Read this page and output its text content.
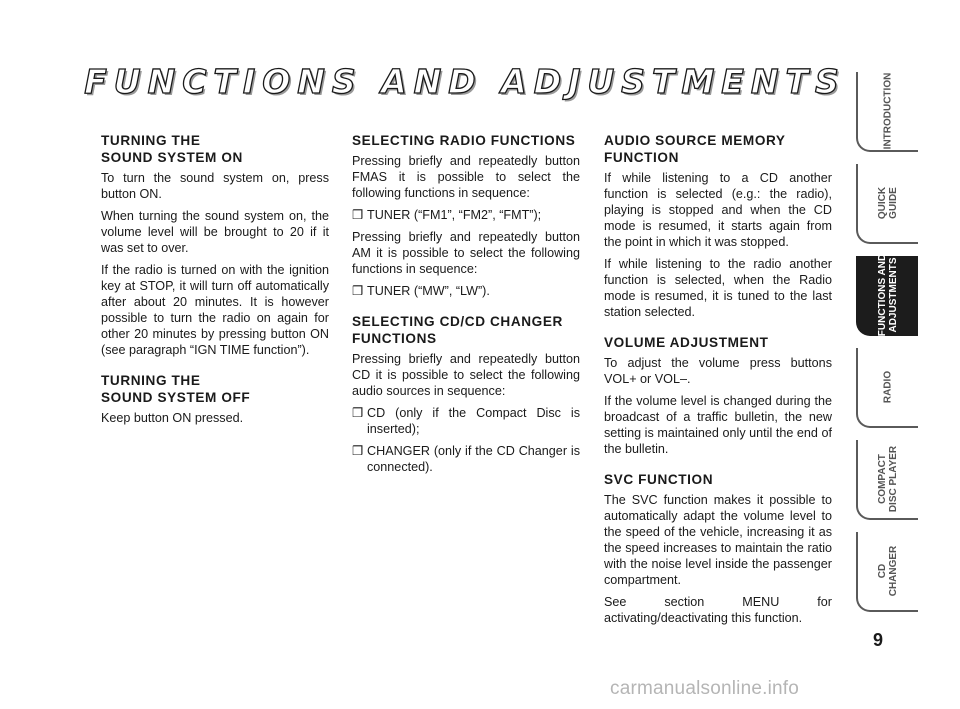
FUNCTIONS AND ADJUSTMENTS
TURNING THE
SOUND SYSTEM ON

To turn the sound system on, press button ON.

When turning the sound system on, the volume level will be brought to 20 if it was set to over.

If the radio is turned on with the ignition key at STOP, it will turn off automatically after about 20 minutes. It is however possible to turn the radio on again for other 20 minutes by pressing button ON (see paragraph “IGN TIME function”).

TURNING THE
SOUND SYSTEM OFF

Keep button ON pressed.

SELECTING RADIO FUNCTIONS

Pressing briefly and repeatedly button FMAS it is possible to select the following functions in sequence:

❒ TUNER (“FM1”, “FM2”, “FMT”);

Pressing briefly and repeatedly button AM it is possible to select the following functions in sequence:

❒ TUNER (“MW”, “LW”).
SELECTING CD/CD CHANGER FUNCTIONS

Pressing briefly and repeatedly button CD it is possible to select the following audio sources in sequence:

❒ CD (only if the Compact Disc is inserted);
❒ CHANGER (only if the CD Changer is connected).
AUDIO SOURCE MEMORY FUNCTION

If while listening to a CD another function is selected (e.g.: the radio), playing is stopped and when the CD mode is resumed, it starts again from the point in which it was stopped.

If while listening to the radio another function is selected, when the Radio mode is resumed, it is tuned to the last station selected.

VOLUME ADJUSTMENT

To adjust the volume press buttons VOL+ or VOL–.

If the volume level is changed during the broadcast of a traffic bulletin, the new setting is maintained only until the end of the bulletin.

SVC FUNCTION

The SVC function makes it possible to automatically adapt the volume level to the speed of the vehicle, increasing it as the speed increases to maintain the ratio with the noise level inside the passenger compartment.

See section MENU for activating/deactivating this function.

INTRODUCTION
QUICK
GUIDE
FUNCTIONS AND
ADJUSTMENTS
RADIO
COMPACT
DISC PLAYER
CD
CHANGER
9
carmanualsonline.info
